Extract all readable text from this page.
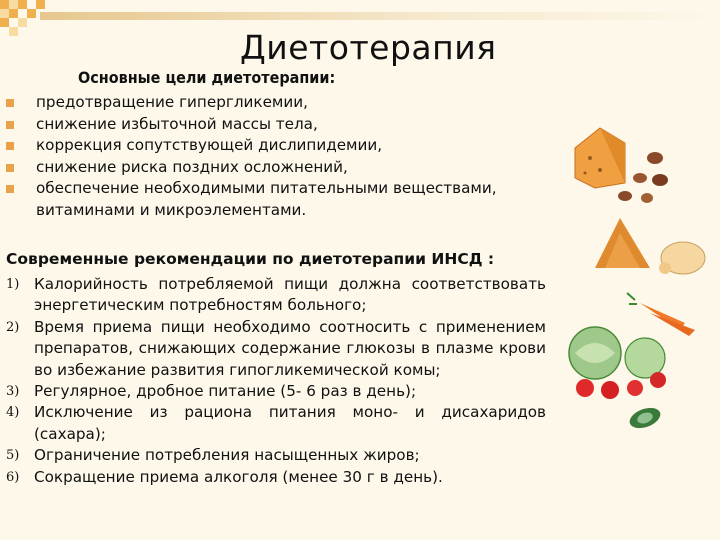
Диетотерапия
Основные цели диетотерапии:
предотвращение гипергликемии,
снижение избыточной массы тела,
коррекция сопутствующей дислипидемии,
снижение риска поздних осложнений,
обеспечение необходимыми питательными веществами, витаминами и микроэлементами.
Современные рекомендации по диетотерапии ИНСД :
1) Калорийность потребляемой пищи должна соответствовать энергетическим потребностям больного;
2) Время приема пищи необходимо соотносить с применением препаратов, снижающих содержание глюкозы в плазме крови во избежание развития гипогликемической комы;
3) Регулярное, дробное питание (5- 6 раз в день);
4) Исключение из рациона питания моно- и дисахаридов (сахара);
5) Ограничение потребления насыщенных жиров;
6) Сокращение приема алкоголя (менее 30 г в день).
